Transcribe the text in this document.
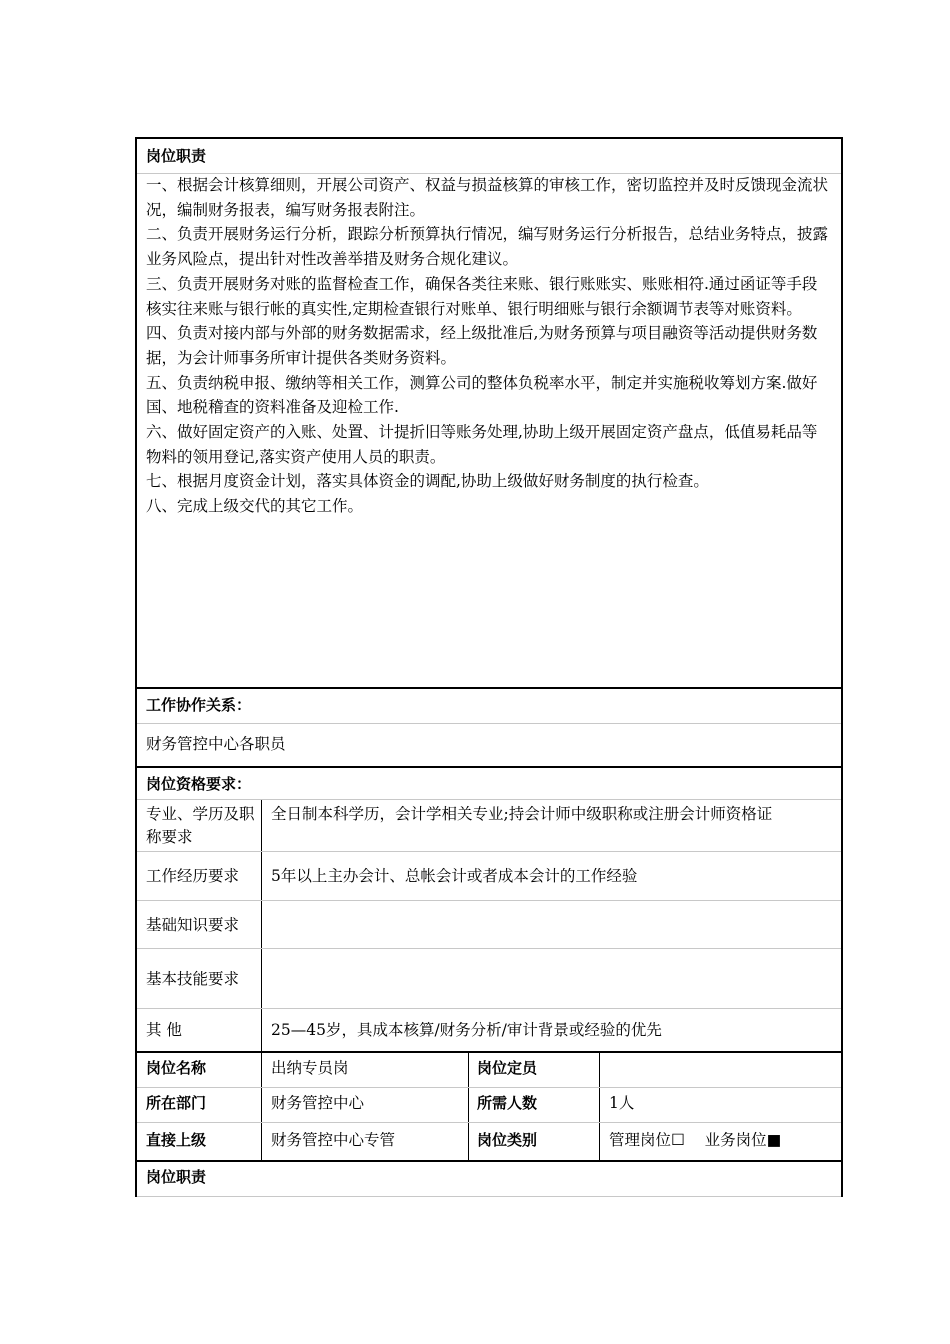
岗位职责

一、根据会计核算细则，开展公司资产、权益与损益核算的审核工作，密切监控并及时反馈现金流状况，编制财务报表，编写财务报表附注。

二、负责开展财务运行分析，跟踪分析预算执行情况，编写财务运行分析报告，总结业务特点，披露业务风险点，提出针对性改善举措及财务合规化建议。

三、负责开展财务对账的监督检查工作，确保各类往来账、银行账账实、账账相符.通过函证等手段核实往来账与银行帐的真实性,定期检查银行对账单、银行明细账与银行余额调节表等对账资料。

四、负责对接内部与外部的财务数据需求，经上级批准后,为财务预算与项目融资等活动提供财务数据，为会计师事务所审计提供各类财务资料。

五、负责纳税申报、缴纳等相关工作，测算公司的整体负税率水平，制定并实施税收筹划方案.做好国、地税稽查的资料准备及迎检工作.

六、做好固定资产的入账、处置、计提折旧等账务处理,协助上级开展固定资产盘点，低值易耗品等物料的领用登记,落实资产使用人员的职责。

七、根据月度资金计划，落实具体资金的调配,协助上级做好财务制度的执行检查。

八、完成上级交代的其它工作。

工作协作关系：
财务管控中心各职员
岗位资格要求：
专业、学历及职称要求
全日制本科学历，会计学相关专业;持会计师中级职称或注册会计师资格证
工作经历要求 5年以上主办会计、总帐会计或者成本会计的工作经验
基础知识要求
基本技能要求
其 他	25—45岁，具成本核算/财务分析/审计背景或经验的优先
岗位名称	出纳专员岗	岗位定员
所在部门	财务管控中心	所需人数	1人
直接上级	财务管控中心专管	岗位类别	管理岗位☐    业务岗位■
岗位职责
